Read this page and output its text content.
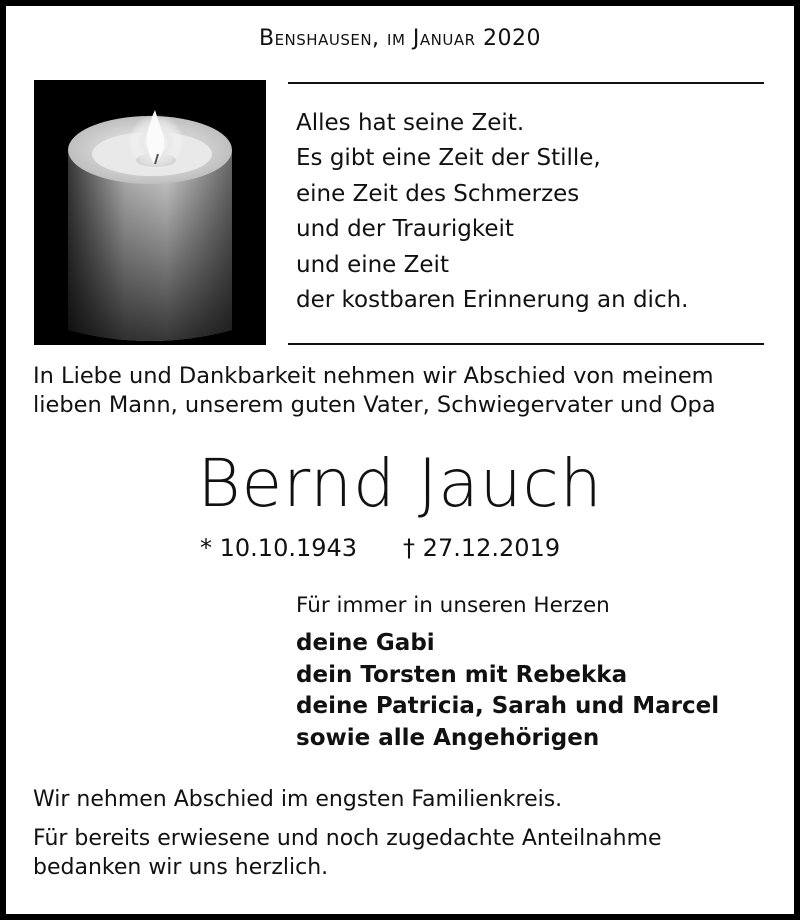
Benshausen, im Januar 2020
Alles hat seine Zeit.
Es gibt eine Zeit der Stille,
eine Zeit des Schmerzes
und der Traurigkeit
und eine Zeit
der kostbaren Erinnerung an dich.
In Liebe und Dankbarkeit nehmen wir Abschied von meinem
lieben Mann, unserem guten Vater, Schwiegervater und Opa
Bernd Jauch
* 10.10.1943 † 27.12.2019
Für immer in unseren Herzen
deine Gabi
dein Torsten mit Rebekka
deine Patricia, Sarah und Marcel
sowie alle Angehörigen
Wir nehmen Abschied im engsten Familienkreis.
Für bereits erwiesene und noch zugedachte Anteilnahme
bedanken wir uns herzlich.
